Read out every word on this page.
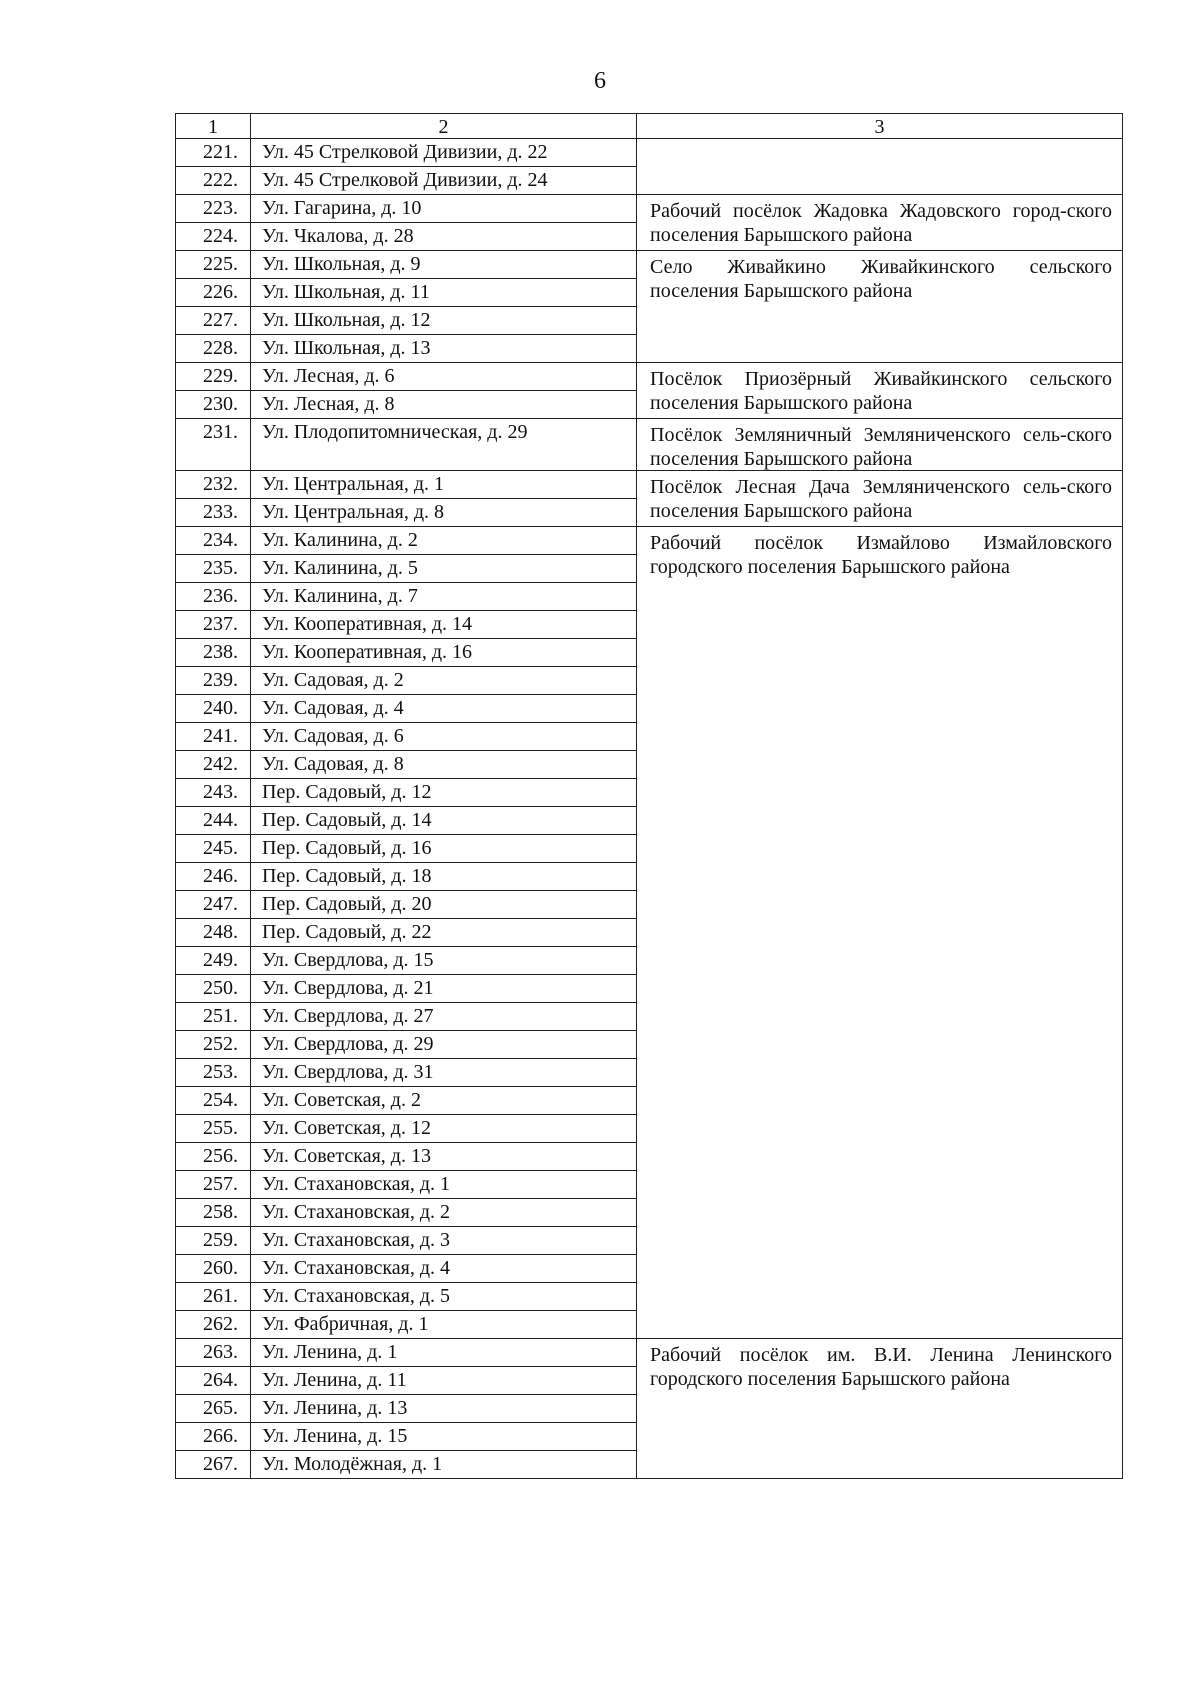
6
1
221.
222.
223.
224.
225.
226.
227.
228.
229.
230.
231.
232.
233.
234.
235.
236.
237.
238.
239.
240.
241.
242.
243.
244.
245.
246.
247.
248.
249.
250.
251.
252.
253.
254.
255.
256.
257.
258.
259.
260.
261.
262.
263.
264.
265.
266.
267.
2
Ул. 45 Стрелковой Дивизии, д. 22
Ул. 45 Стрелковой Дивизии, д. 24
Ул. Гагарина, д. 10
Ул. Чкалова, д. 28
Ул. Школьная, д. 9
Ул. Школьная, д. 11
Ул. Школьная, д. 12
Ул. Школьная, д. 13
Ул. Лесная, д. 6
Ул. Лесная, д. 8
Ул. Плодопитомническая, д. 29
Ул. Центральная, д. 1
Ул. Центральная, д. 8
Ул. Калинина, д. 2
Ул. Калинина, д. 5
Ул. Калинина, д. 7
Ул. Кооперативная, д. 14
Ул. Кооперативная, д. 16
Ул. Садовая, д. 2
Ул. Садовая, д. 4
Ул. Садовая, д. 6
Ул. Садовая, д. 8
Пер. Садовый, д. 12
Пер. Садовый, д. 14
Пер. Садовый, д. 16
Пер. Садовый, д. 18
Пер. Садовый, д. 20
Пер. Садовый, д. 22
Ул. Свердлова, д. 15
Ул. Свердлова, д. 21
Ул. Свердлова, д. 27
Ул. Свердлова, д. 29
Ул. Свердлова, д. 31
Ул. Советская, д. 2
Ул. Советская, д. 12
Ул. Советская, д. 13
Ул. Стахановская, д. 1
Ул. Стахановская, д. 2
Ул. Стахановская, д. 3
Ул. Стахановская, д. 4
Ул. Стахановская, д. 5
Ул. Фабричная, д. 1
Ул. Ленина, д. 1
Ул. Ленина, д. 11
Ул. Ленина, д. 13
Ул. Ленина, д. 15
Ул. Молодёжная, д. 1
3
Рабочий посёлок Жадовка Жадовского город-ского поселения Барышского района
Село Живайкино Живайкинского сельского поселения Барышского района
Посёлок Приозёрный Живайкинского сельского поселения Барышского района
Посёлок Земляничный Земляниченского сель-ского поселения Барышского района
Посёлок Лесная Дача Земляниченского сель-ского поселения Барышского района
Рабочий посёлок Измайлово Измайловского городского поселения Барышского района
Рабочий посёлок им. В.И. Ленина Ленинского городского поселения Барышского района
